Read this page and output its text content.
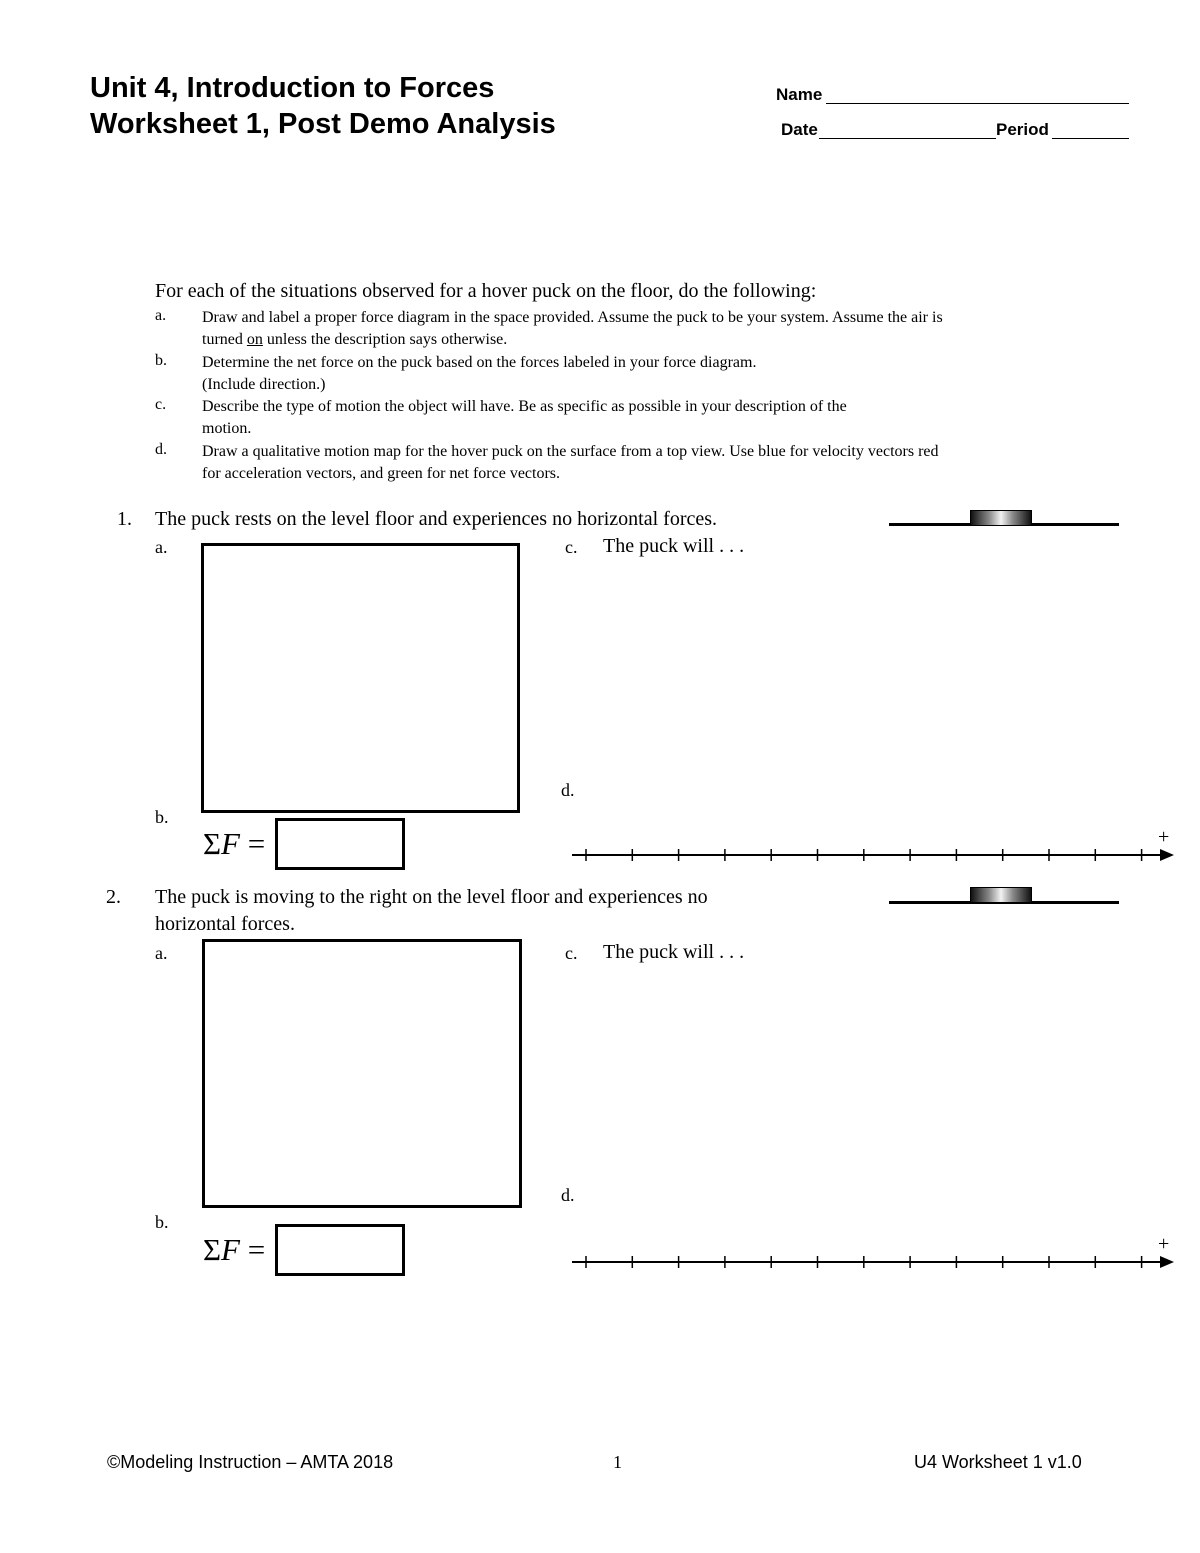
Unit 4, Introduction to Forces
Worksheet 1, Post Demo Analysis
Name
Date	Period
For each of the situations observed for a hover puck on the floor, do the following:
a. Draw and label a proper force diagram in the space provided. Assume the puck to be your system. Assume the air is
turned on unless the description says otherwise.
b. Determine the net force on the puck based on the forces labeled in your force diagram.
(Include direction.)
c. Describe the type of motion the object will have. Be as specific as possible in your description of the
motion.
d. Draw a qualitative motion map for the hover puck on the surface from a top view. Use blue for velocity vectors red
for acceleration vectors, and green for net force vectors.
1. The puck rests on the level floor and experiences no horizontal forces.
a.	c. The puck will . . .
d.
b.
ΣF =	+
2. The puck is moving to the right on the level floor and experiences no
horizontal forces.
a.	c. The puck will . . .
d.
b.
ΣF =	+
©Modeling Instruction – AMTA 2018	1	U4 Worksheet 1 v1.0
